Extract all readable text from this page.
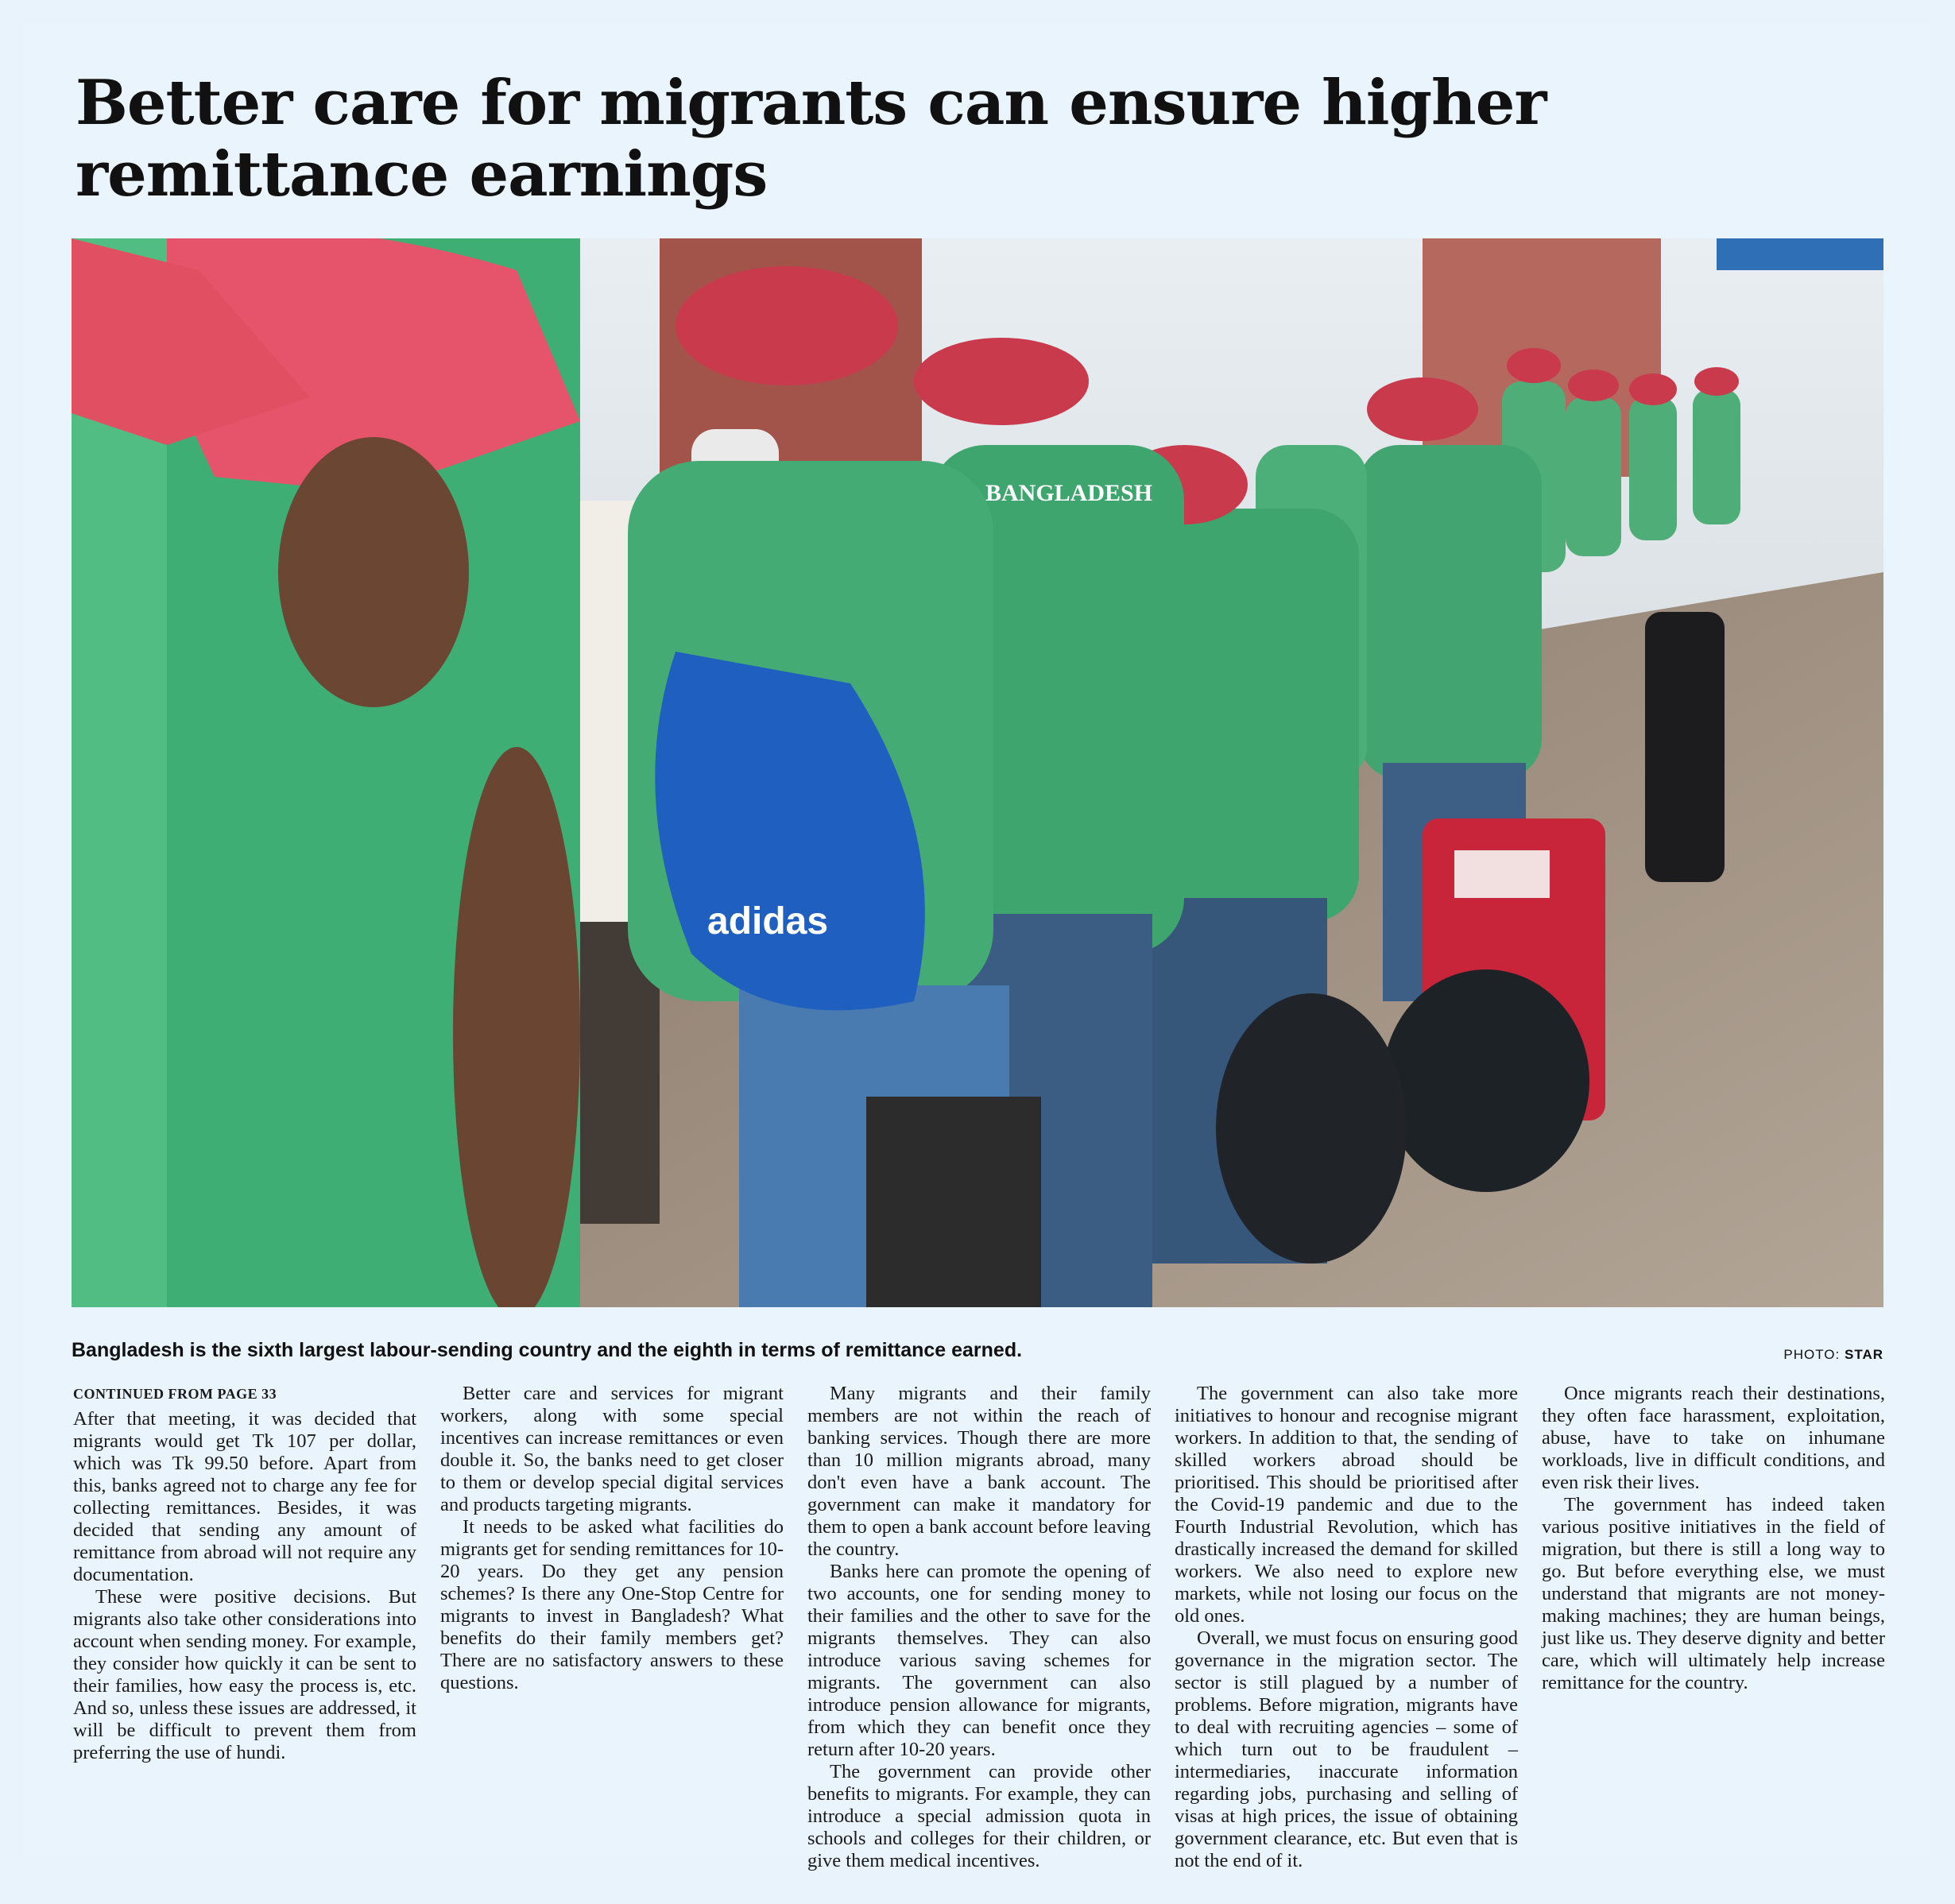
Better care for migrants can ensure higher remittance earnings
BANGLADESH
adidas
Bangladesh is the sixth largest labour-sending country and the eighth in terms of remittance earned.	PHOTO: STAR
CONTINUED FROM PAGE 33

After that meeting, it was decided that migrants would get Tk 107 per dollar, which was Tk 99.50 before. Apart from this, banks agreed not to charge any fee for collecting remittances. Besides, it was decided that sending any amount of remittance from abroad will not require any documentation.

These were positive decisions. But migrants also take other considerations into account when sending money. For example, they consider how quickly it can be sent to their families, how easy the process is, etc. And so, unless these issues are addressed, it will be difficult to prevent them from preferring the use of hundi.

Better care and services for migrant workers, along with some special incentives can increase remittances or even double it. So, the banks need to get closer to them or develop special digital services and products targeting migrants.

It needs to be asked what facilities do migrants get for sending remittances for 10-20 years. Do they get any pension schemes? Is there any One-Stop Centre for migrants to invest in Bangladesh? What benefits do their family members get? There are no satisfactory answers to these questions.

Many migrants and their family members are not within the reach of banking services. Though there are more than 10 million migrants abroad, many don't even have a bank account. The government can make it mandatory for them to open a bank account before leaving the country.

Banks here can promote the opening of two accounts, one for sending money to their families and the other to save for the migrants themselves. They can also introduce various saving schemes for migrants. The government can also introduce pension allowance for migrants, from which they can benefit once they return after 10-20 years.

The government can provide other benefits to migrants. For example, they can introduce a special admission quota in schools and colleges for their children, or give them medical incentives.

The government can also take more initiatives to honour and recognise migrant workers. In addition to that, the sending of skilled workers abroad should be prioritised. This should be prioritised after the Covid-19 pandemic and due to the Fourth Industrial Revolution, which has drastically increased the demand for skilled workers. We also need to explore new markets, while not losing our focus on the old ones.

Overall, we must focus on ensuring good governance in the migration sector. The sector is still plagued by a number of problems. Before migration, migrants have to deal with recruiting agencies – some of which turn out to be fraudulent – intermediaries, inaccurate information regarding jobs, purchasing and selling of visas at high prices, the issue of obtaining government clearance, etc. But even that is not the end of it.

Once migrants reach their destinations, they often face harassment, exploitation, abuse, have to take on inhumane workloads, live in difficult conditions, and even risk their lives.

The government has indeed taken various positive initiatives in the field of migration, but there is still a long way to go. But before everything else, we must understand that migrants are not money-making machines; they are human beings, just like us. They deserve dignity and better care, which will ultimately help increase remittance for the country.
